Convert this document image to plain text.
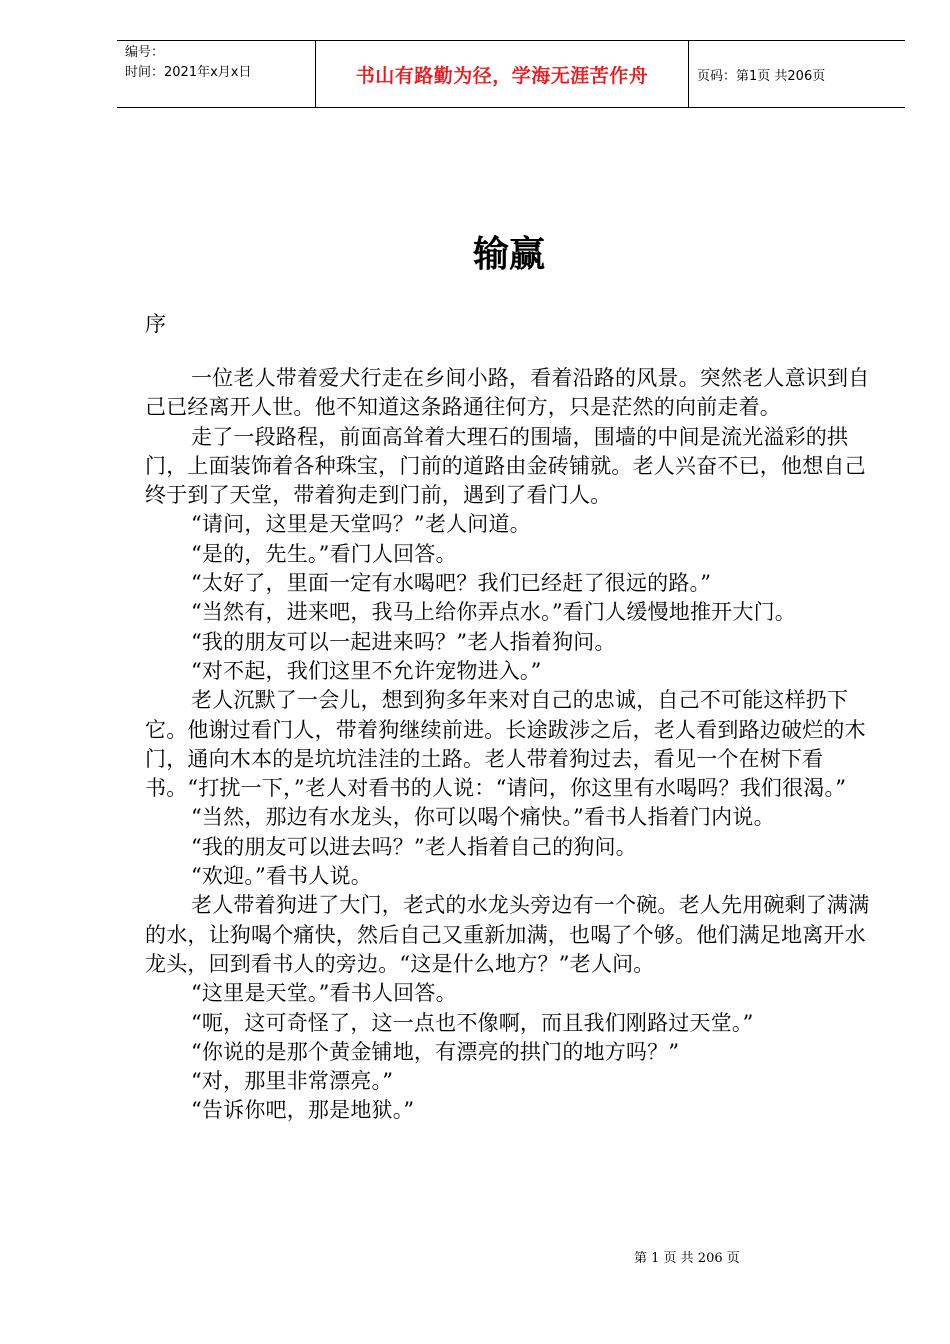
编号：
时间：2021年x月x日	书山有路勤为径，学海无涯苦作舟	页码：第1页 共206页
输赢

序

一位老人带着爱犬行走在乡间小路，看着沿路的风景。突然老人意识到自己已经离开人世。他不知道这条路通往何方，只是茫然的向前走着。

走了一段路程，前面高耸着大理石的围墙，围墙的中间是流光溢彩的拱门，上面装饰着各种珠宝，门前的道路由金砖铺就。老人兴奋不已，他想自己终于到了天堂，带着狗走到门前，遇到了看门人。

“请问，这里是天堂吗？”老人问道。

“是的，先生。”看门人回答。

“太好了，里面一定有水喝吧？我们已经赶了很远的路。”

“当然有，进来吧，我马上给你弄点水。”看门人缓慢地推开大门。

“我的朋友可以一起进来吗？”老人指着狗问。

“对不起，我们这里不允许宠物进入。”

老人沉默了一会儿，想到狗多年来对自己的忠诚，自己不可能这样扔下它。他谢过看门人，带着狗继续前进。长途跋涉之后，老人看到路边破烂的木门，通向木本的是坑坑洼洼的土路。老人带着狗过去，看见一个在树下看书。“打扰一下，”老人对看书的人说：“请问，你这里有水喝吗？我们很渴。”

“当然，那边有水龙头，你可以喝个痛快。”看书人指着门内说。

“我的朋友可以进去吗？”老人指着自己的狗问。

“欢迎。”看书人说。

老人带着狗进了大门，老式的水龙头旁边有一个碗。老人先用碗剩了满满的水，让狗喝个痛快，然后自己又重新加满，也喝了个够。他们满足地离开水龙头，回到看书人的旁边。“这是什么地方？”老人问。

“这里是天堂。”看书人回答。

“呃，这可奇怪了，这一点也不像啊，而且我们刚路过天堂。”

“你说的是那个黄金铺地，有漂亮的拱门的地方吗？”

“对，那里非常漂亮。”

“告诉你吧，那是地狱。”

第 1 页 共 206 页
